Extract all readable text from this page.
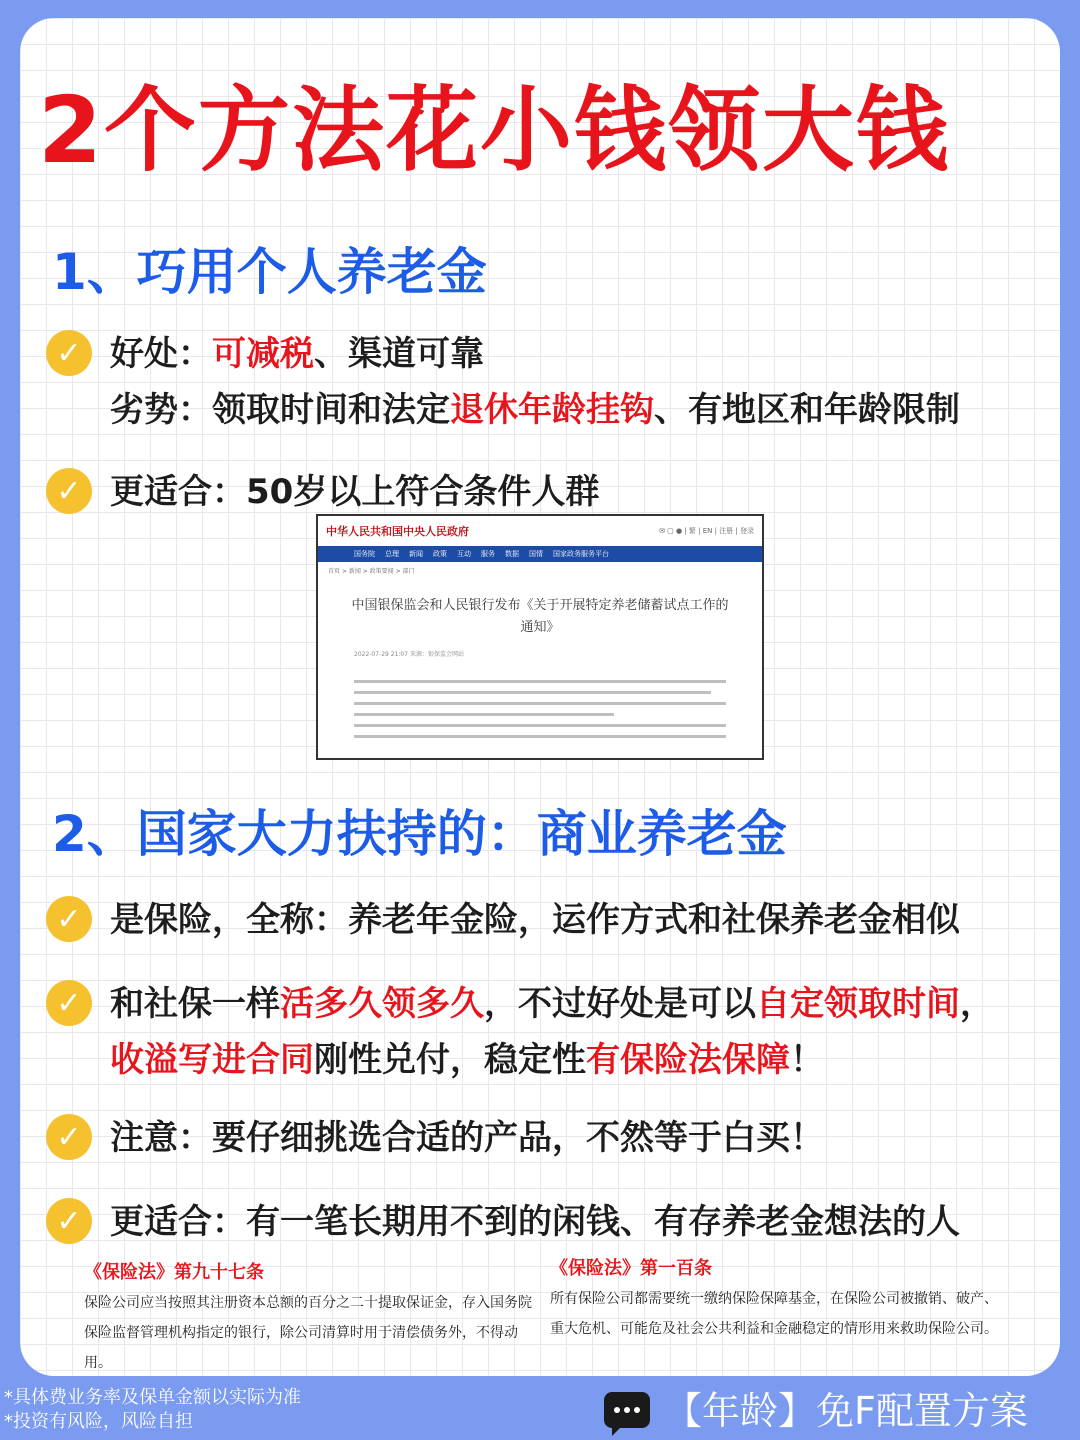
2个方法花小钱领大钱
1、巧用个人养老金
✓ 好处：可减税、渠道可靠
劣势：领取时间和法定退休年龄挂钩、有地区和年龄限制
✓ 更适合：50岁以上符合条件人群
中华人民共和国中央人民政府	✉ ▢ ● | 繁 | EN | 注册 | 登录
国务院 总理 新闻 政策 互动 服务 数据 国情 国家政务服务平台
首页 > 新闻 > 政策要闻 > 部门
中国银保监会和人民银行发布《关于开展特定养老储蓄试点工作的通知》
2022-07-29 21:07 来源：银保监会网站
2、国家大力扶持的：商业养老金
✓ 是保险，全称：养老年金险，运作方式和社保养老金相似
✓ 和社保一样活多久领多久，不过好处是可以自定领取时间，收溢写进合同刚性兑付，稳定性有保险法保障！
✓ 注意：要仔细挑选合适的产品，不然等于白买！
✓ 更适合：有一笔长期用不到的闲钱、有存养老金想法的人
《保险法》第九十七条
保险公司应当按照其注册资本总额的百分之二十提取保证金，存入国务院保险监督管理机构指定的银行，除公司清算时用于清偿债务外，不得动用。
《保险法》第一百条
所有保险公司都需要统一缴纳保险保障基金，在保险公司被撤销、破产、重大危机、可能危及社会公共利益和金融稳定的情形用来救助保险公司。
*具体费业务率及保单金额以实际为准
*投资有风险，风险自担	【年龄】免F配置方案
